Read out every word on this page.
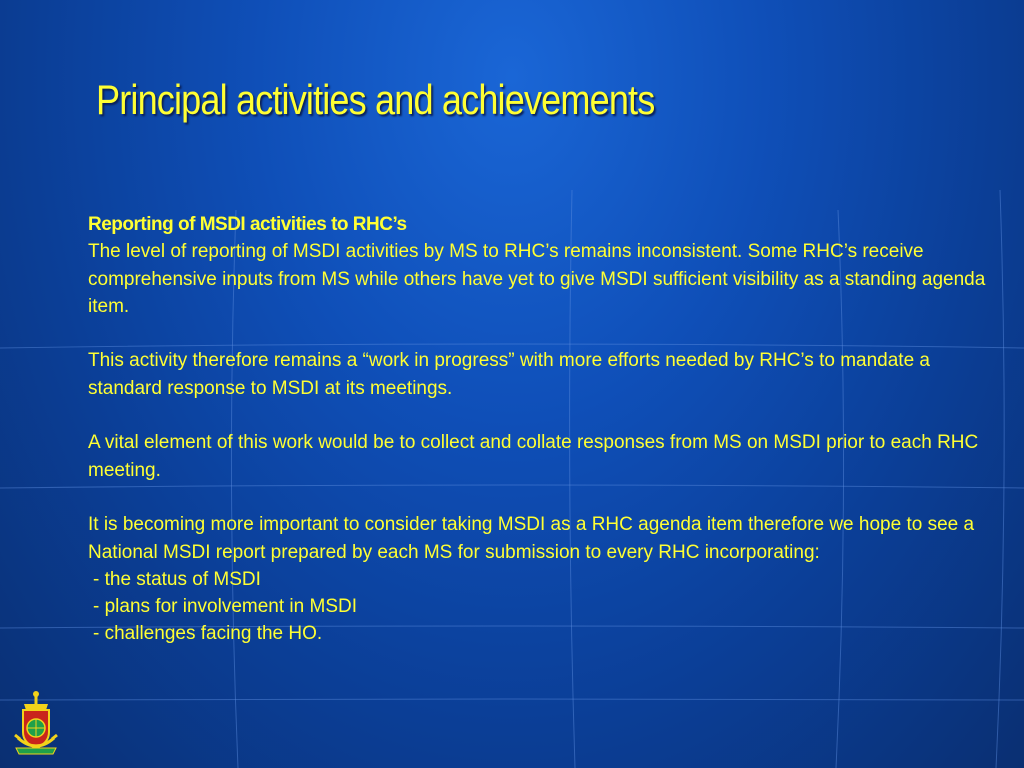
Principal activities and achievements

Reporting of MSDI activities to RHC’s
The level of reporting of MSDI activities by MS to RHC’s remains inconsistent. Some RHC’s receive comprehensive inputs from MS while others have yet to give MSDI sufficient visibility as a standing agenda item.

This activity therefore remains a “work in progress” with more efforts needed by RHC’s to mandate a standard response to MSDI at its meetings.

A vital element of this work would be to collect and collate responses from MS on MSDI prior to each RHC meeting.

It is becoming more important to consider taking MSDI as a RHC agenda item therefore we hope to see a National MSDI report prepared by each MS for submission to every RHC incorporating:

- the status of MSDI
- plans for involvement in MSDI
- challenges facing the HO.
